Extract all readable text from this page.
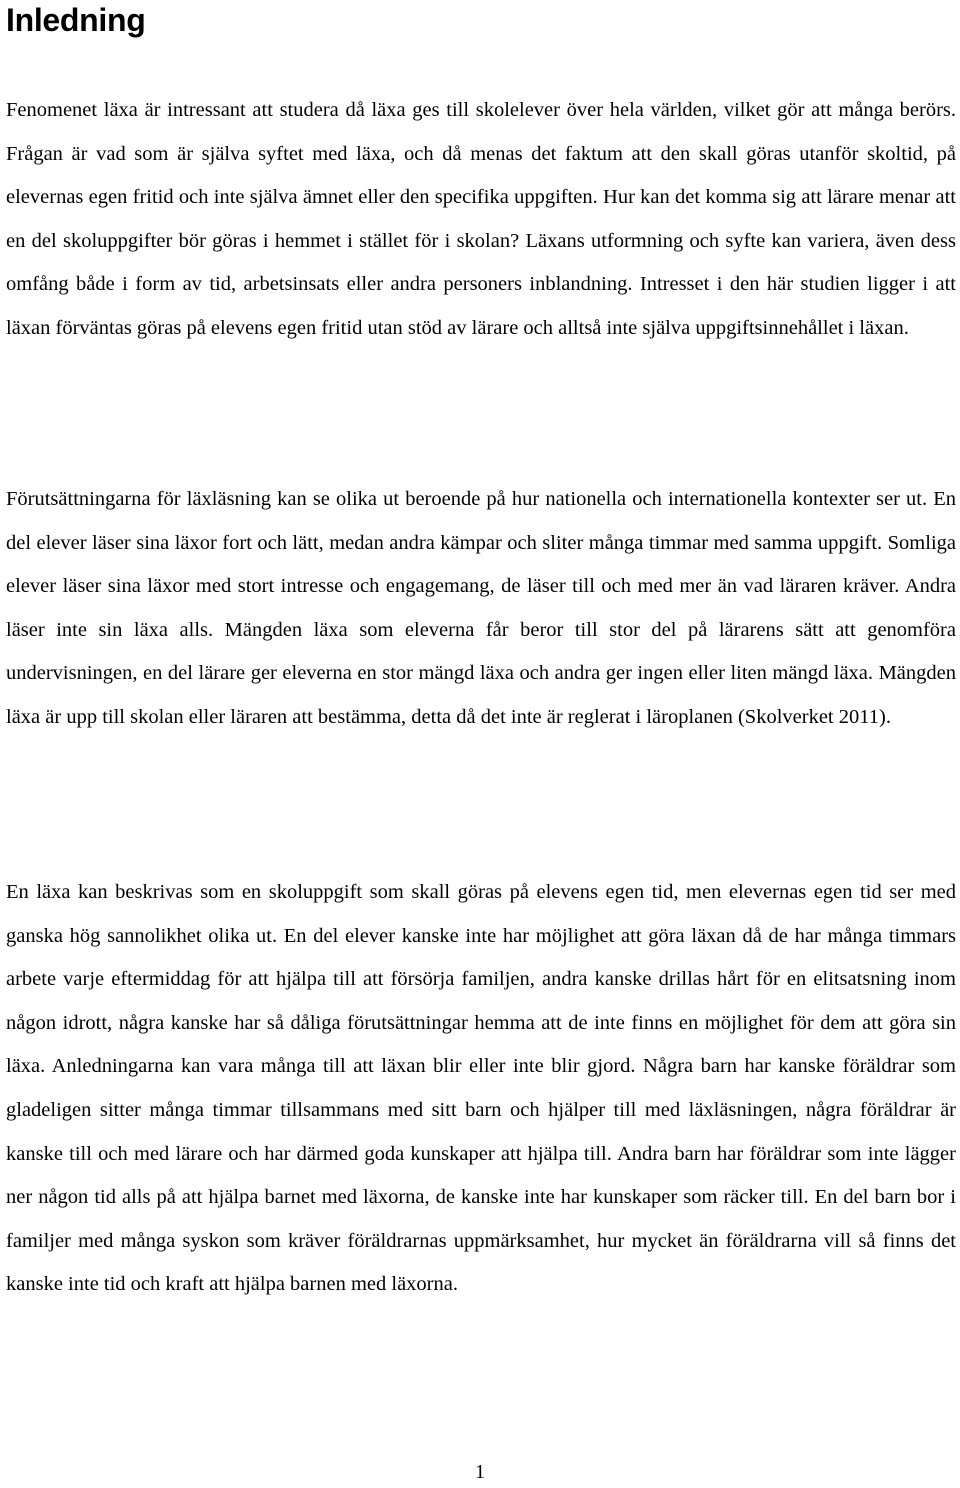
Inledning

Fenomenet läxa är intressant att studera då läxa ges till skolelever över hela världen, vilket gör att många berörs. Frågan är vad som är själva syftet med läxa, och då menas det faktum att den skall göras utanför skoltid, på elevernas egen fritid och inte själva ämnet eller den specifika uppgiften. Hur kan det komma sig att lärare menar att en del skoluppgifter bör göras i hemmet i stället för i skolan? Läxans utformning och syfte kan variera, även dess omfång både i form av tid, arbetsinsats eller andra personers inblandning. Intresset i den här studien ligger i att läxan förväntas göras på elevens egen fritid utan stöd av lärare och alltså inte själva uppgiftsinnehållet i läxan.

Förutsättningarna för läxläsning kan se olika ut beroende på hur nationella och internationella kontexter ser ut. En del elever läser sina läxor fort och lätt, medan andra kämpar och sliter många timmar med samma uppgift. Somliga elever läser sina läxor med stort intresse och engagemang, de läser till och med mer än vad läraren kräver. Andra läser inte sin läxa alls. Mängden läxa som eleverna får beror till stor del på lärarens sätt att genomföra undervisningen, en del lärare ger eleverna en stor mängd läxa och andra ger ingen eller liten mängd läxa. Mängden läxa är upp till skolan eller läraren att bestämma, detta då det inte är reglerat i läroplanen (Skolverket 2011).

En läxa kan beskrivas som en skoluppgift som skall göras på elevens egen tid, men elevernas egen tid ser med ganska hög sannolikhet olika ut. En del elever kanske inte har möjlighet att göra läxan då de har många timmars arbete varje eftermiddag för att hjälpa till att försörja familjen, andra kanske drillas hårt för en elitsatsning inom någon idrott, några kanske har så dåliga förutsättningar hemma att de inte finns en möjlighet för dem att göra sin läxa. Anledningarna kan vara många till att läxan blir eller inte blir gjord. Några barn har kanske föräldrar som gladeligen sitter många timmar tillsammans med sitt barn och hjälper till med läxläsningen, några föräldrar är kanske till och med lärare och har därmed goda kunskaper att hjälpa till. Andra barn har föräldrar som inte lägger ner någon tid alls på att hjälpa barnet med läxorna, de kanske inte har kunskaper som räcker till. En del barn bor i familjer med många syskon som kräver föräldrarnas uppmärksamhet, hur mycket än föräldrarna vill så finns det kanske inte tid och kraft att hjälpa barnen med läxorna.

1
